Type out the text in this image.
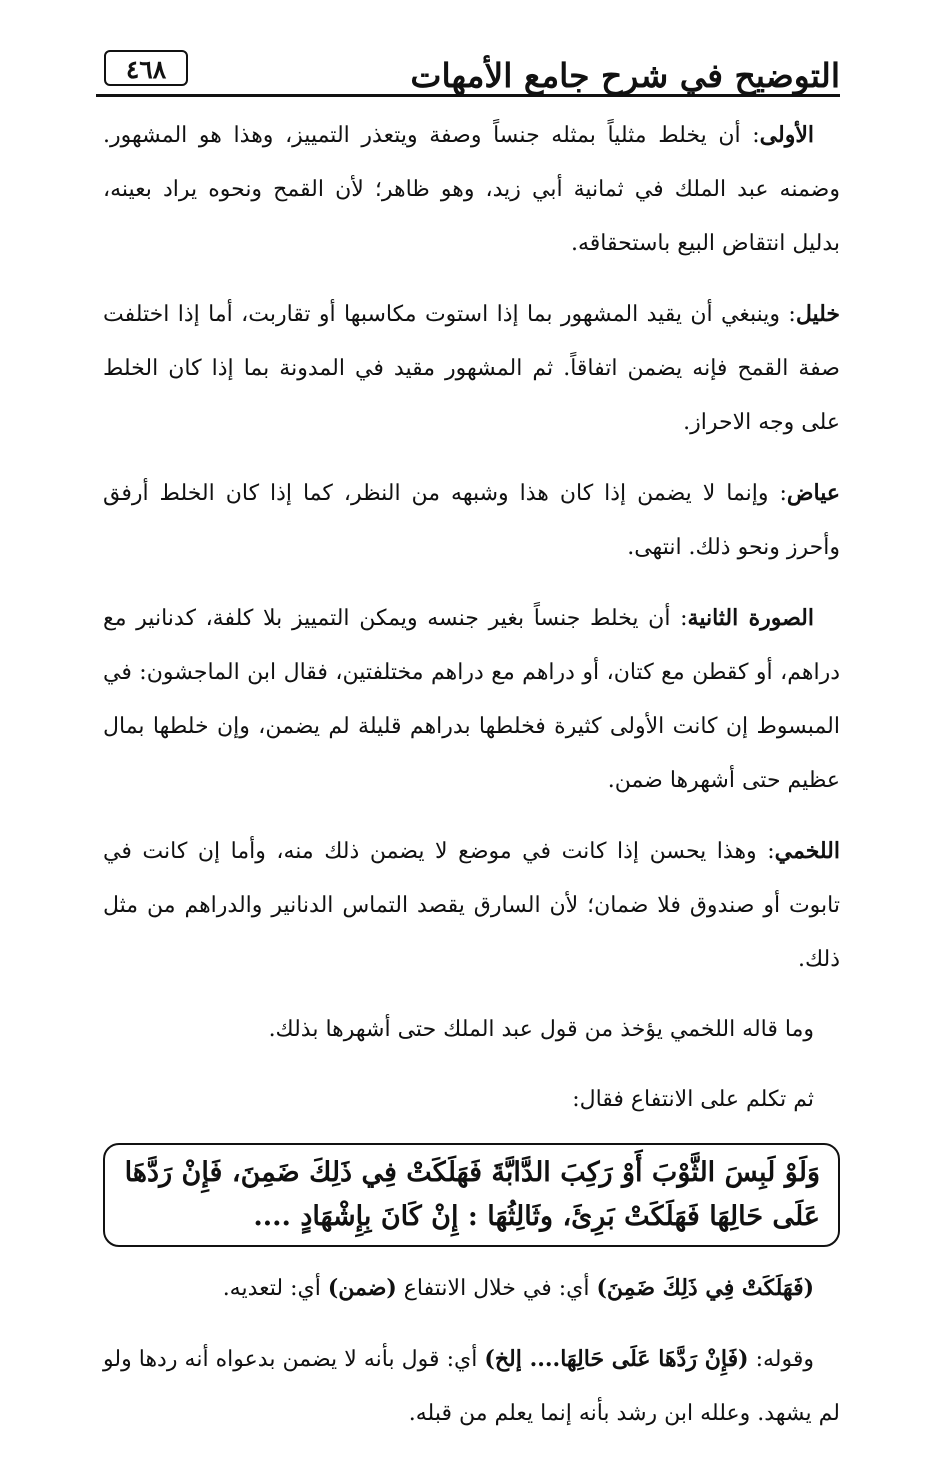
التوضيح في شرح جامع الأمهات
٤٦٨

الأولى: أن يخلط مثلياً بمثله جنساً وصفة ويتعذر التمييز، وهذا هو المشهور. وضمنه عبد الملك في ثمانية أبي زيد، وهو ظاهر؛ لأن القمح ونحوه يراد بعينه، بدليل انتقاض البيع باستحقاقه.

خليل: وينبغي أن يقيد المشهور بما إذا استوت مكاسبها أو تقاربت، أما إذا اختلفت صفة القمح فإنه يضمن اتفاقاً. ثم المشهور مقيد في المدونة بما إذا كان الخلط على وجه الاحراز.

عياض: وإنما لا يضمن إذا كان هذا وشبهه من النظر، كما إذا كان الخلط أرفق وأحرز ونحو ذلك. انتهى.

الصورة الثانية: أن يخلط جنساً بغير جنسه ويمكن التمييز بلا كلفة، كدنانير مع دراهم، أو كقطن مع كتان، أو دراهم مع دراهم مختلفتين، فقال ابن الماجشون: في المبسوط إن كانت الأولى كثيرة فخلطها بدراهم قليلة لم يضمن، وإن خلطها بمال عظيم حتى أشهرها ضمن.

اللخمي: وهذا يحسن إذا كانت في موضع لا يضمن ذلك منه، وأما إن كانت في تابوت أو صندوق فلا ضمان؛ لأن السارق يقصد التماس الدنانير والدراهم من مثل ذلك.

وما قاله اللخمي يؤخذ من قول عبد الملك حتى أشهرها بذلك.

ثم تكلم على الانتفاع فقال:

وَلَوْ لَبِسَ الثَّوْبَ أَوْ رَكِبَ الدَّابَّةَ فَهَلَكَتْ فِي ذَلِكَ ضَمِنَ، فَإِنْ رَدَّهَا عَلَى حَالِهَا فَهَلَكَتْ بَرِئَ، وثَالِثُهَا : إِنْ كَانَ بِإِشْهَادٍ ....

(فَهَلَكَتْ فِي ذَلِكَ ضَمِنَ) أي: في خلال الانتفاع (ضمن) أي: لتعديه.

وقوله: (فَإِنْ رَدَّهَا عَلَى حَالِهَا.... إلخ) أي: قول بأنه لا يضمن بدعواه أنه ردها ولو لم يشهد. وعلله ابن رشد بأنه إنما يعلم من قبله.
